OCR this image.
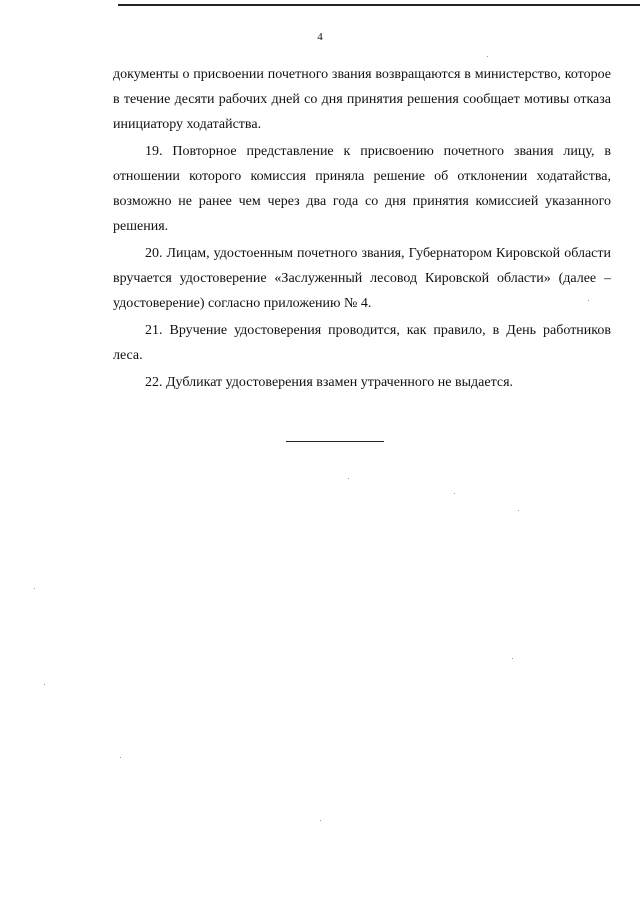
4

документы о присвоении почетного звания возвращаются в министерство, которое в течение десяти рабочих дней со дня принятия решения сообщает мотивы отказа инициатору ходатайства.

19. Повторное представление к присвоению почетного звания лицу, в отношении которого комиссия приняла решение об отклонении ходатайства, возможно не ранее чем через два года со дня принятия комиссией указанного решения.

20. Лицам, удостоенным почетного звания, Губернатором Кировской области вручается удостоверение «Заслуженный лесовод Кировской области» (далее – удостоверение) согласно приложению № 4.

21. Вручение удостоверения проводится, как правило, в День работников леса.

22. Дубликат удостоверения взамен утраченного не выдается.
